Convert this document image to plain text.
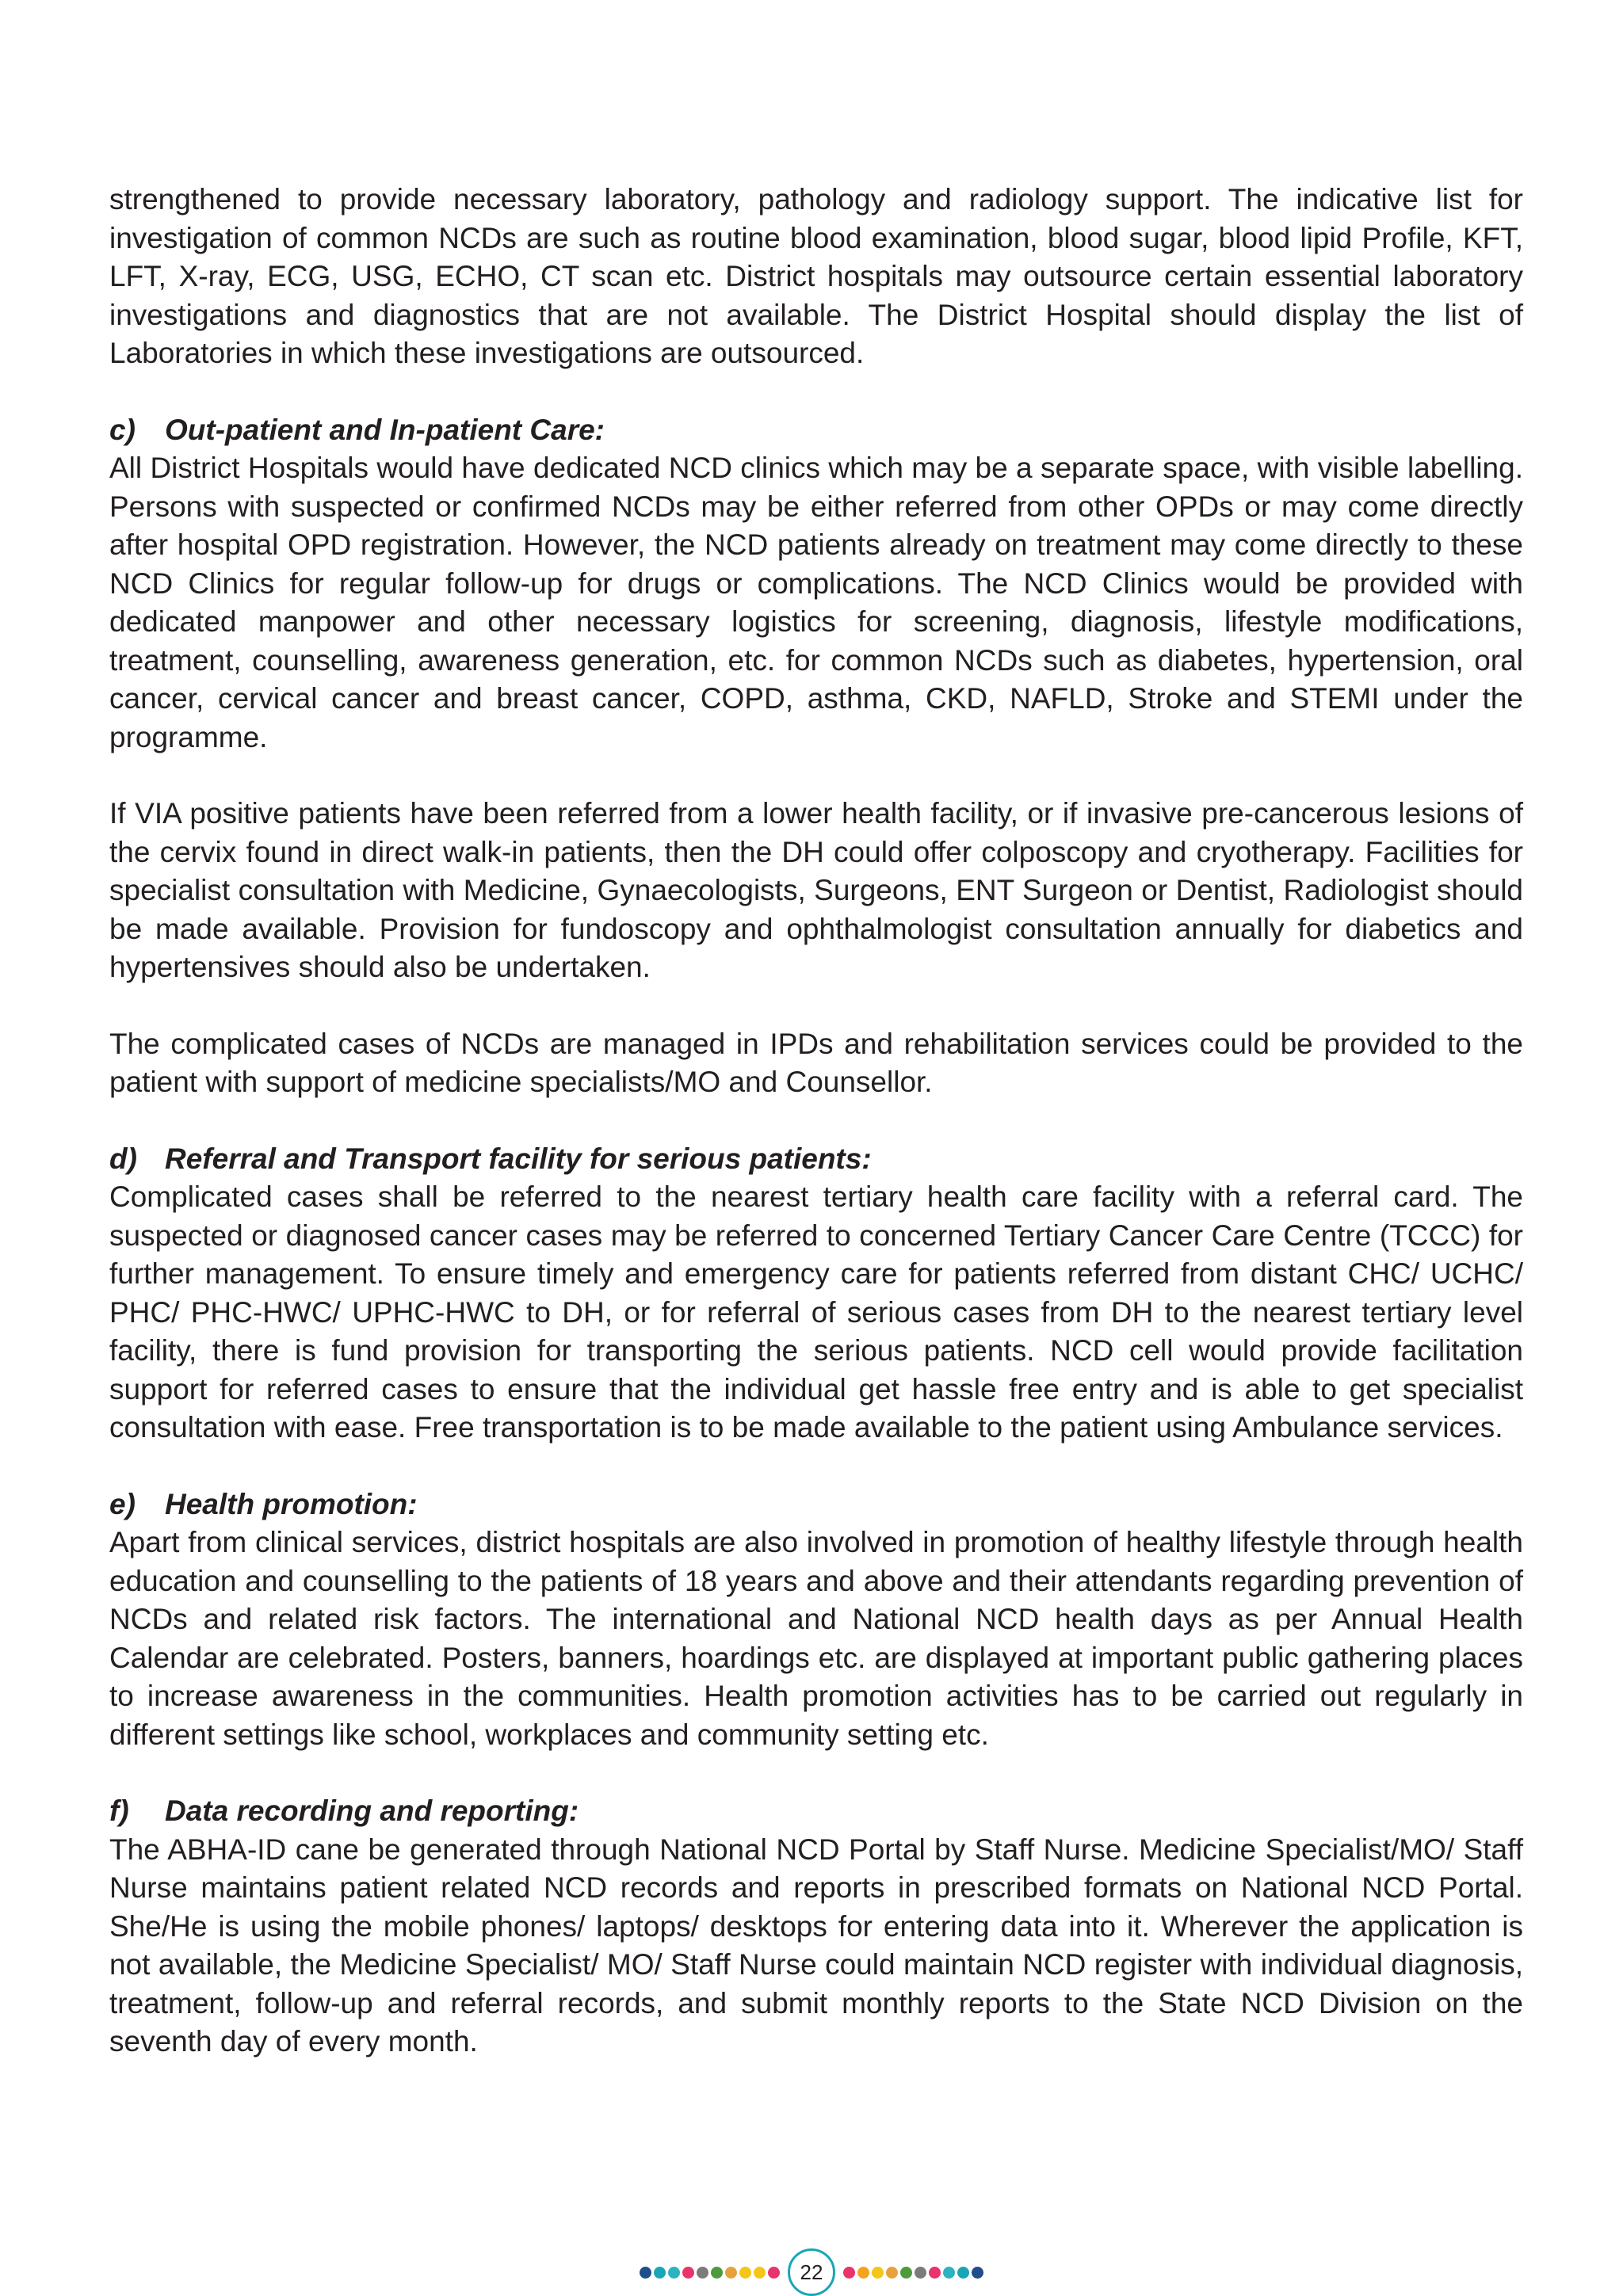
strengthened to provide necessary laboratory, pathology and radiology support. The indicative list for investigation of common NCDs are such as routine blood examination, blood sugar, blood lipid Profile, KFT, LFT, X-ray, ECG, USG, ECHO, CT scan etc. District hospitals may outsource certain essential laboratory investigations and diagnostics that are not available. The District Hospital should display the list of Laboratories in which these investigations are outsourced.

c)	Out-patient and In-patient Care:

All District Hospitals would have dedicated NCD clinics which may be a separate space, with visible labelling. Persons with suspected or confirmed NCDs may be either referred from other OPDs or may come directly after hospital OPD registration. However, the NCD patients already on treatment may come directly to these NCD Clinics for regular follow-up for drugs or complications. The NCD Clinics would be provided with dedicated manpower and other necessary logistics for screening, diagnosis, lifestyle modifications, treatment, counselling, awareness generation, etc. for common NCDs such as diabetes, hypertension, oral cancer, cervical cancer and breast cancer, COPD, asthma, CKD, NAFLD, Stroke and STEMI under the programme.

If VIA positive patients have been referred from a lower health facility, or if invasive pre-cancerous lesions of the cervix found in direct walk-in patients, then the DH could offer colposcopy and cryotherapy. Facilities for specialist consultation with Medicine, Gynaecologists, Surgeons, ENT Surgeon or Dentist, Radiologist should be made available. Provision for fundoscopy and ophthalmologist consultation annually for diabetics and hypertensives should also be undertaken.

The complicated cases of NCDs are managed in IPDs and rehabilitation services could be provided to the patient with support of medicine specialists/MO and Counsellor.

d) Referral and Transport facility for serious patients:

Complicated cases shall be referred to the nearest tertiary health care facility with a referral card. The suspected or diagnosed cancer cases may be referred to concerned Tertiary Cancer Care Centre (TCCC) for further management. To ensure timely and emergency care for patients referred from distant CHC/ UCHC/ PHC/ PHC-HWC/ UPHC-HWC to DH, or for referral of serious cases from DH to the nearest tertiary level facility, there is fund provision for transporting the serious patients. NCD cell would provide facilitation support for referred cases to ensure that the individual get hassle free entry and is able to get specialist consultation with ease. Free transportation is to be made available to the patient using Ambulance services.

e)	Health promotion:

Apart from clinical services, district hospitals are also involved in promotion of healthy lifestyle through health education and counselling to the patients of 18 years and above and their attendants regarding prevention of NCDs and related risk factors. The international and National NCD health days as per Annual Health Calendar are celebrated. Posters, banners, hoardings etc. are displayed at important public gathering places to increase awareness in the communities. Health promotion activities has to be carried out regularly in different settings like school, workplaces and community setting etc.

f)	Data recording and reporting:

The ABHA-ID cane be generated through National NCD Portal by Staff Nurse. Medicine Specialist/MO/ Staff Nurse maintains patient related NCD records and reports in prescribed formats on National NCD Portal. She/He is using the mobile phones/ laptops/ desktops for entering data into it. Wherever the application is not available, the Medicine Specialist/ MO/ Staff Nurse could maintain NCD register with individual diagnosis, treatment, follow-up and referral records, and submit monthly reports to the State NCD Division on the seventh day of every month.

22
